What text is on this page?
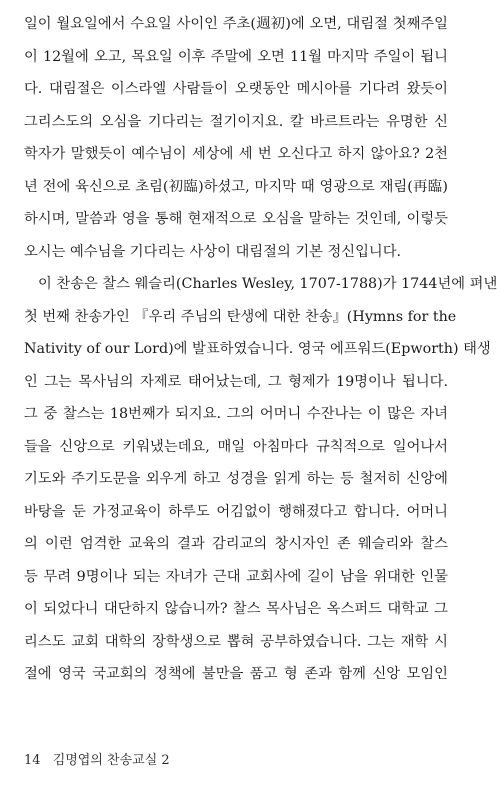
일이 월요일에서 수요일 사이인 주초(週初)에 오면, 대림절 첫째주일
이 12월에 오고, 목요일 이후 주말에 오면 11월 마지막 주일이 됩니
다. 대림절은 이스라엘 사람들이 오랫동안 메시아를 기다려 왔듯이
그리스도의 오심을 기다리는 절기이지요. 칼 바르트라는 유명한 신
학자가 말했듯이 예수님이 세상에 세 번 오신다고 하지 않아요? 2천
년 전에 육신으로 초림(初臨)하셨고, 마지막 때 영광으로 재림(再臨)
하시며, 말씀과 영을 통해 현재적으로 오심을 말하는 것인데, 이렇듯
오시는 예수님을 기다리는 사상이 대림절의 기본 정신입니다.
이 찬송은 찰스 웨슬리(Charles Wesley, 1707-1788)가 1744년에 펴낸
첫 번째 찬송가인 『우리 주님의 탄생에 대한 찬송』(Hymns for the
Nativity of our Lord)에 발표하였습니다. 영국 에프워드(Epworth) 태생
인 그는 목사님의 자제로 태어났는데, 그 형제가 19명이나 됩니다.
그 중 찰스는 18번째가 되지요. 그의 어머니 수잔나는 이 많은 자녀
들을 신앙으로 키워냈는데요, 매일 아침마다 규칙적으로 일어나서
기도와 주기도문을 외우게 하고 성경을 읽게 하는 등 철저히 신앙에
바탕을 둔 가정교육이 하루도 어김없이 행해졌다고 합니다. 어머니
의 이런 엄격한 교육의 결과 감리교의 창시자인 존 웨슬리와 찰스
등 무려 9명이나 되는 자녀가 근대 교회사에 길이 남을 위대한 인물
이 되었다니 대단하지 않습니까? 찰스 목사님은 옥스퍼드 대학교 그
리스도 교회 대학의 장학생으로 뽑혀 공부하였습니다. 그는 재학 시
절에 영국 국교회의 정책에 불만을 품고 형 존과 함께 신앙 모임인
14 김명엽의 찬송교실 2
